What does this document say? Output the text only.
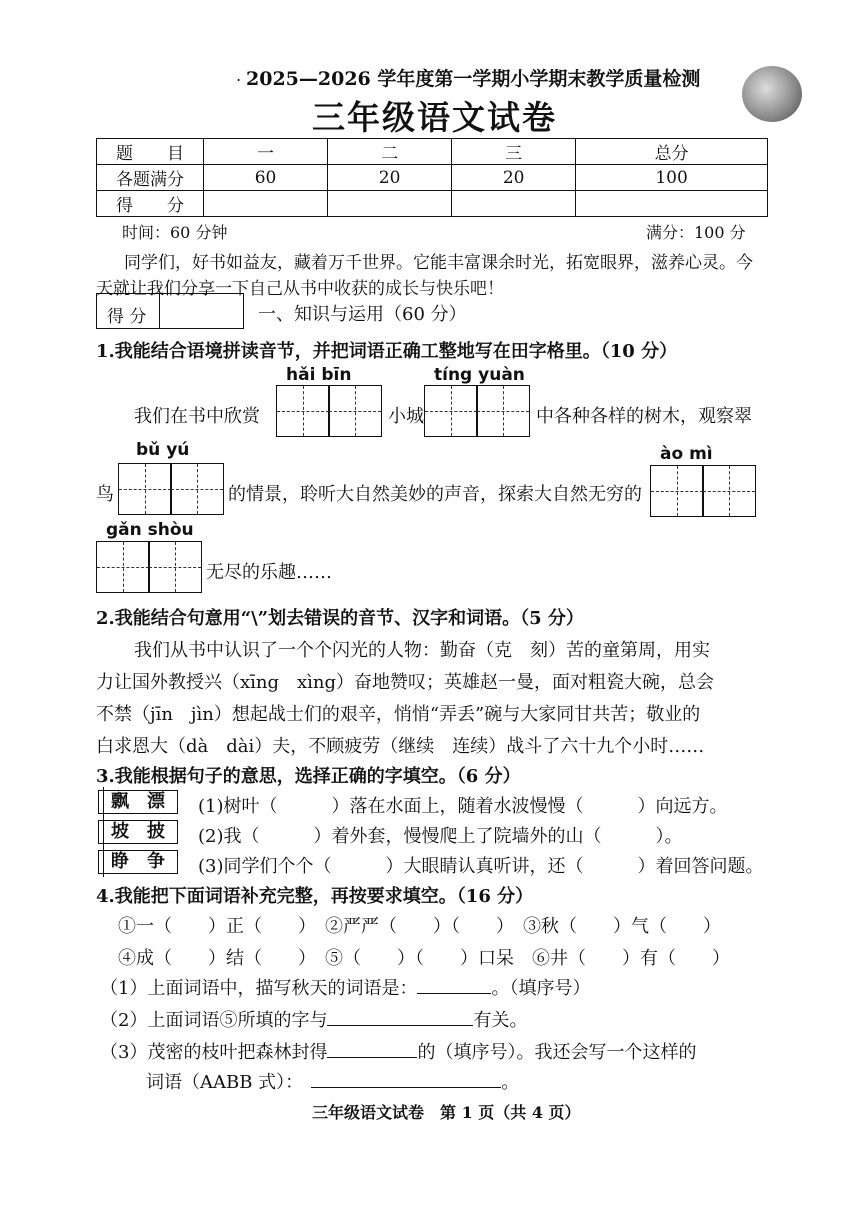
. 2025—2026 学年度第一学期小学期末教学质量检测
三年级语文试卷
题　　目	一	二	三	总分
各题满分	60	20	20	100
得　　分				
时间：60 分钟	满分：100 分
同学们，好书如益友，藏着万千世界。它能丰富课余时光，拓宽眼界，滋养心灵。今
天就让我们分享一下自己从书中收获的成长与快乐吧！
得 分	一、知识与运用（60 分）
1.我能结合语境拼读音节，并把词语正确工整地写在田字格里。（10 分）
hǎi bīn	tíng yuàn
我们在书中欣赏	小城	中各种各样的树木，观察翠
bǔ yú	ào mì
鸟	的情景，聆听大自然美妙的声音，探索大自然无穷的
gǎn shòu
无尽的乐趣……
2.我能结合句意用“\”划去错误的音节、汉字和词语。（5 分）
我们从书中认识了一个个闪光的人物：勤奋（克　刻）苦的童第周，用实
力让国外教授兴（xīng　xìng）奋地赞叹；英雄赵一曼，面对粗瓷大碗，总会
不禁（jīn　jìn）想起战士们的艰辛，悄悄“弄丢”碗与大家同甘共苦；敬业的
白求恩大（dà　dài）夫，不顾疲劳（继续　连续）战斗了六十九个小时……
3.我能根据句子的意思，选择正确的字填空。（6 分）
飘　漂	(1)树叶（　　　）落在水面上，随着水波慢慢（　　　）向远方。
坡　披	(2)我（　　　）着外套，慢慢爬上了院墙外的山（　　　）。
睁　争	(3)同学们个个（　　　）大眼睛认真听讲，还（　　　）着回答问题。
4.我能把下面词语补充完整，再按要求填空。（16 分）
①一（　　）正（　　）　②严严（　　）（　　）　③秋（　　）气（　　）
④成（　　）结（　　）　⑤（　　）（　　）口呆　⑥井（　　）有（　　）
（1）上面词语中，描写秋天的词语是：	。（填序号）
（2）上面词语⑤所填的字与	有关。
（3）茂密的枝叶把森林封得	的（填序号）。我还会写一个这样的
词语（AABB 式）：	。
三年级语文试卷　第 1 页（共 4 页）
